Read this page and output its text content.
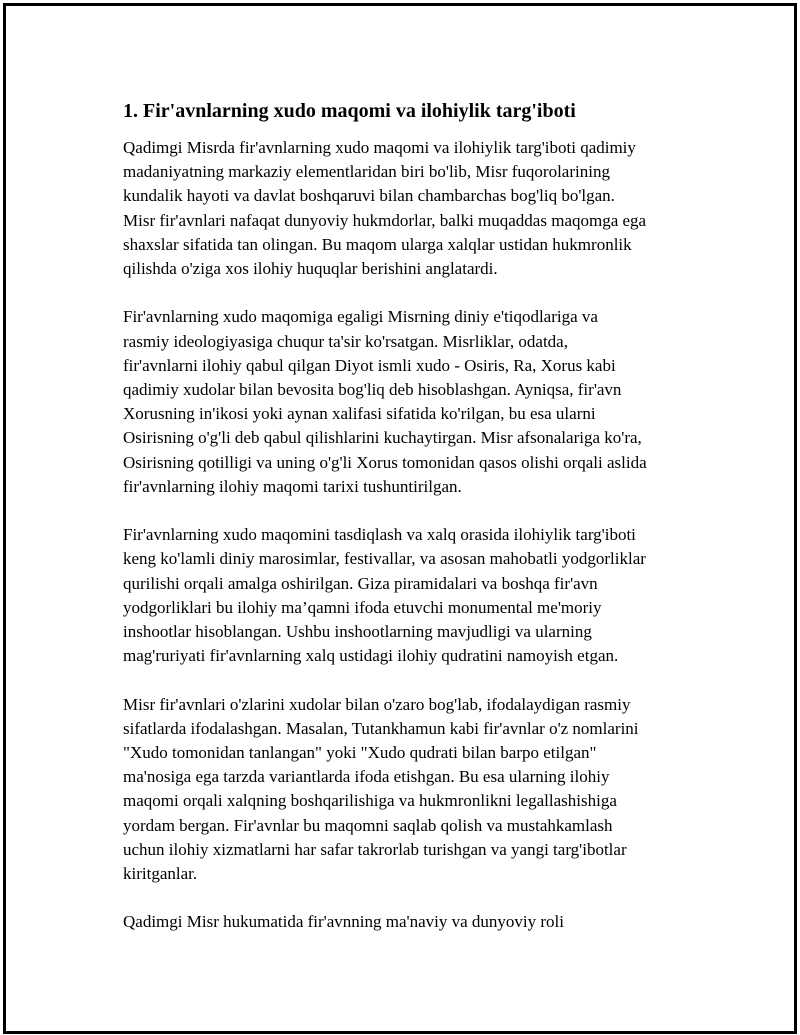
1. Fir'avnlarning xudo maqomi va ilohiylik targ'iboti

Qadimgi Misrda fir'avnlarning xudo maqomi va ilohiylik targ'iboti qadimiy
madaniyatning markaziy elementlaridan biri bo'lib, Misr fuqorolarining
kundalik hayoti va davlat boshqaruvi bilan chambarchas bog'liq bo'lgan.
Misr fir'avnlari nafaqat dunyoviy hukmdorlar, balki muqaddas maqomga ega
shaxslar sifatida tan olingan. Bu maqom ularga xalqlar ustidan hukmronlik
qilishda o'ziga xos ilohiy huquqlar berishini anglatardi.

Fir'avnlarning xudo maqomiga egaligi Misrning diniy e'tiqodlariga va
rasmiy ideologiyasiga chuqur ta'sir ko'rsatgan. Misrliklar, odatda,
fir'avnlarni ilohiy qabul qilgan Diyot ismli xudo - Osiris, Ra, Xorus kabi
qadimiy xudolar bilan bevosita bog'liq deb hisoblashgan. Ayniqsa, fir'avn
Xorusning in'ikosi yoki aynan xalifasi sifatida ko'rilgan, bu esa ularni
Osirisning o'g'li deb qabul qilishlarini kuchaytirgan. Misr afsonalariga ko'ra,
Osirisning qotilligi va uning o'g'li Xorus tomonidan qasos olishi orqali aslida
fir'avnlarning ilohiy maqomi tarixi tushuntirilgan.

Fir'avnlarning xudo maqomini tasdiqlash va xalq orasida ilohiylik targ'iboti
keng ko'lamli diniy marosimlar, festivallar, va asosan mahobatli yodgorliklar
qurilishi orqali amalga oshirilgan. Giza piramidalari va boshqa fir'avn
yodgorliklari bu ilohiy ma’qamni ifoda etuvchi monumental me'moriy
inshootlar hisoblangan. Ushbu inshootlarning mavjudligi va ularning
mag'ruriyati fir'avnlarning xalq ustidagi ilohiy qudratini namoyish etgan.

Misr fir'avnlari o'zlarini xudolar bilan o'zaro bog'lab, ifodalaydigan rasmiy
sifatlarda ifodalashgan. Masalan, Tutankhamun kabi fir'avnlar o'z nomlarini
"Xudo tomonidan tanlangan" yoki "Xudo qudrati bilan barpo etilgan"
ma'nosiga ega tarzda variantlarda ifoda etishgan. Bu esa ularning ilohiy
maqomi orqali xalqning boshqarilishiga va hukmronlikni legallashishiga
yordam bergan. Fir'avnlar bu maqomni saqlab qolish va mustahkamlash
uchun ilohiy xizmatlarni har safar takrorlab turishgan va yangi targ'ibotlar
kiritganlar.

Qadimgi Misr hukumatida fir'avnning ma'naviy va dunyoviy roli
